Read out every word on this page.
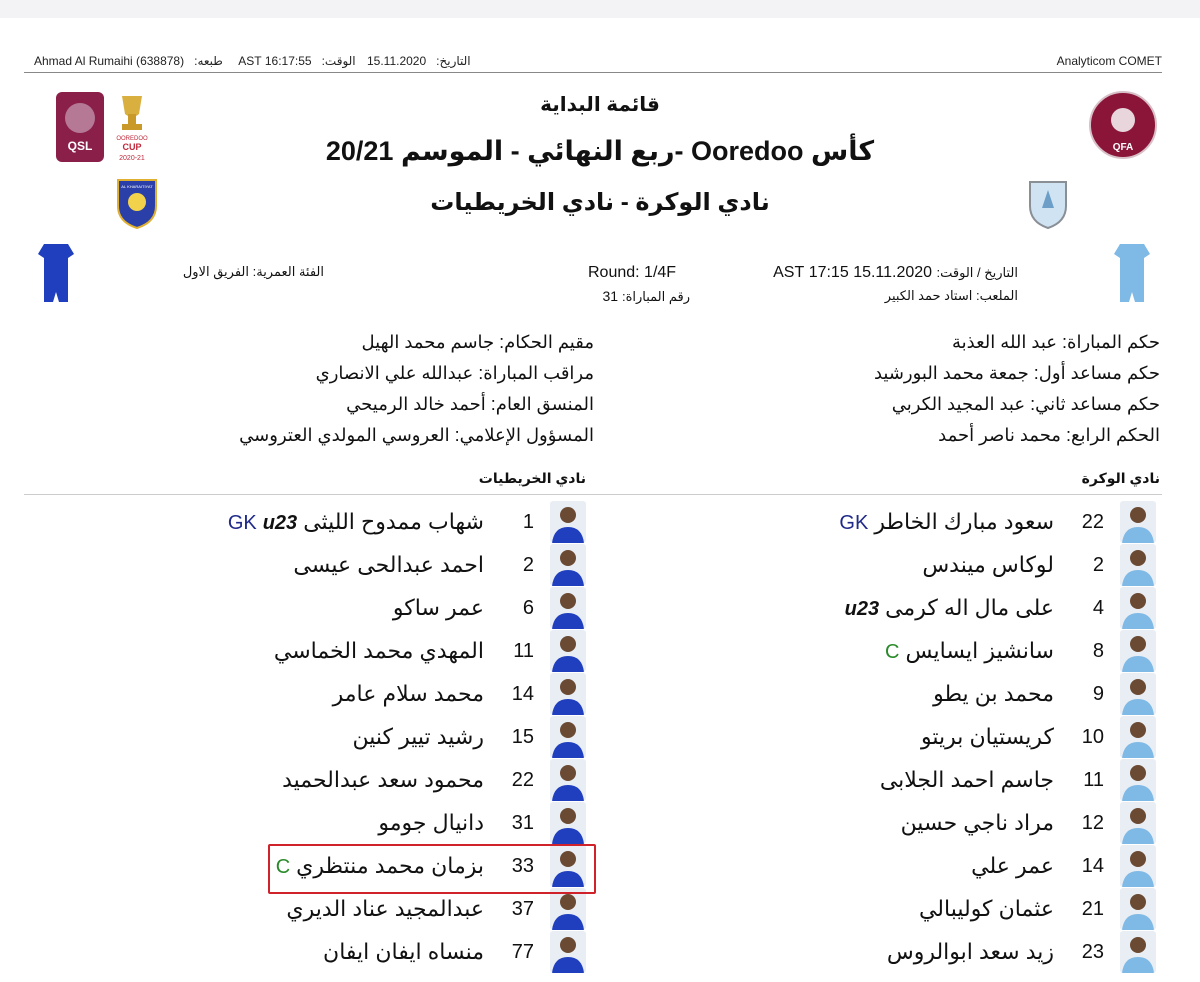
التاريخ:15.11.2020 الوقت:16:17:55 AST طبعه:(638878) Ahmad Al Rumaihi	Analyticom COMET
QSL	OOREDOO
CUP
2020-21
QFA
AL KHARAITIYAT
قائمة البداية
كأس Ooredoo -ربع النهائي - الموسم 20/21
نادي الوكرة - نادي الخريطيات
التاريخ / الوقت: 15.11.2020 17:15 AST
الملعب: استاد حمد الكبير
Round: 1/4F
رقم المباراة: 31
الفئة العمرية: الفريق الاول
حكم المباراة: عبد الله العذبة
حكم مساعد أول: جمعة محمد البورشيد
حكم مساعد ثاني: عبد المجيد الكربي
الحكم الرابع: محمد ناصر أحمد
مقيم الحكام: جاسم محمد الهيل
مراقب المباراة: عبدالله علي الانصاري
المنسق العام: أحمد خالد الرميحي
المسؤول الإعلامي: العروسي المولدي العتروسي
نادي الوكرة
نادي الخريطيات
22
سعود مبارك الخاطرGK
2
لوكاس ميندس
4
على مال اله كرمىu23
8
سانشيز ايسايسC
9
محمد بن يطو
10
كريستيان بريتو
11
جاسم احمد الجلابى
12
مراد ناجي حسين
14
عمر علي
21
عثمان كوليبالي
23
زيد سعد ابوالروس
1
شهاب ممدوح الليثىGK u23
2
احمد عبدالحى عيسى
6
عمر ساكو
11
المهدي محمد الخماسي
14
محمد سلام عامر
15
رشيد تيير كنين
22
محمود سعد عبدالحميد
31
دانيال جومو
33
بزمان محمد منتظريC
37
عبدالمجيد عناد الديري
77
منساه ايفان ايفان
